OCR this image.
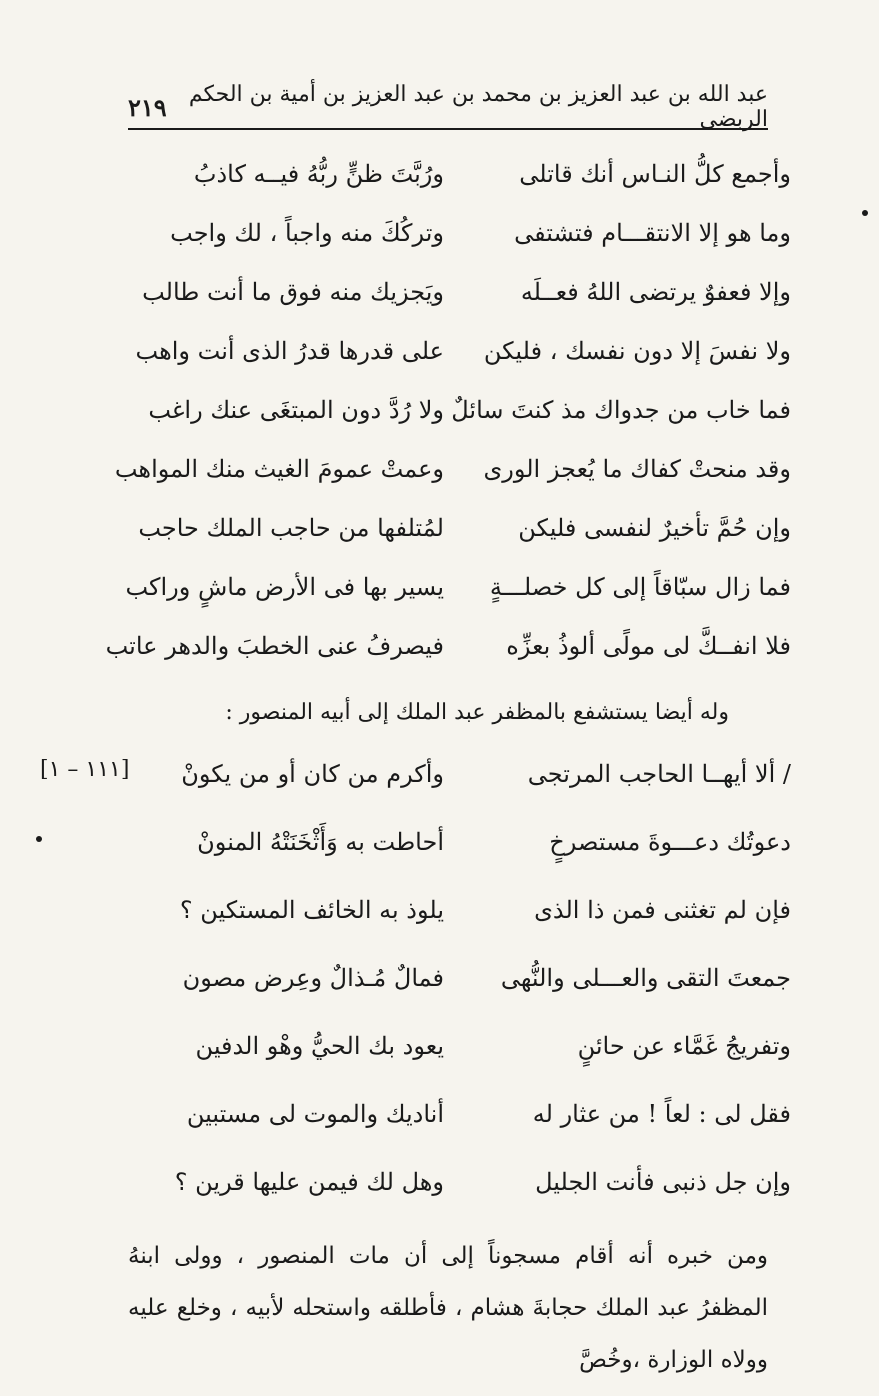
عبد الله بن عبد العزيز بن محمد بن عبد العزيز بن أمية بن الحكم الربضى
٢١٩
وأجمع كلُّ النـاس أنك قاتلى
ورُبَّتَ ظنٍّ ربُّهُ فيــه كاذبُ
وما هو إلا الانتقـــام فتشتفى
وتركُكَ منه واجباً ، لك واجب
وإلا فعفوٌ يرتضى اللهُ فعــلَه
ويَجزيك منه فوق ما أنت طالب
ولا نفسَ إلا دون نفسك ، فليكن
على قدرها قدرُ الذى أنت واهب
فما خاب من جدواك مذ كنتَ سائلٌ
ولا رُدَّ دون المبتغَى عنك راغب
وقد منحتْ كفاك ما يُعجز الورى
وعمتْ عمومَ الغيث منك المواهب
وإن حُمَّ تأخيرٌ لنفسى فليكن
لمُتلفها من حاجب الملك حاجب
فما زال سبّاقاً إلى كل خصلـــةٍ
يسير بها فى الأرض ماشٍ وراكب
فلا انفــكَّ لى مولًى ألوذُ بعزِّه
فيصرفُ عنى الخطبَ والدهر عاتب
وله أيضا يستشفع بالمظفر عبد الملك إلى أبيه المنصور :
[١١١ – ١]	/ ألا أيهــا الحاجب المرتجى
وأكرم من كان أو من يكونْ
دعوتُك دعـــوةَ مستصرخٍ
أحاطت به وَأَثْخَنَتْهُ المنونْ
فإن لم تغثنى فمن ذا الذى
يلوذ به الخائف المستكين ؟
جمعتَ التقى والعـــلى والنُّهى
فمالٌ مُـذالٌ وعِرض مصون
وتفريجُ غَمَّاء عن حائنٍ
يعود بك الحيُّ وهْو الدفين
فقل لى : لعاً ! من عثار له
أناديك والموت لى مستبين
وإن جل ذنبى فأنت الجليل
وهل لك فيمن عليها قرين ؟

ومن خبره أنه أقام مسجوناً إلى أن مات المنصور ، وولى ابنهُ المظفرُ عبد الملك حجابةَ هشام ، فأطلقه واستحله لأبيه ، وخلع عليه وولاه الوزارة ،وخُصَّ
